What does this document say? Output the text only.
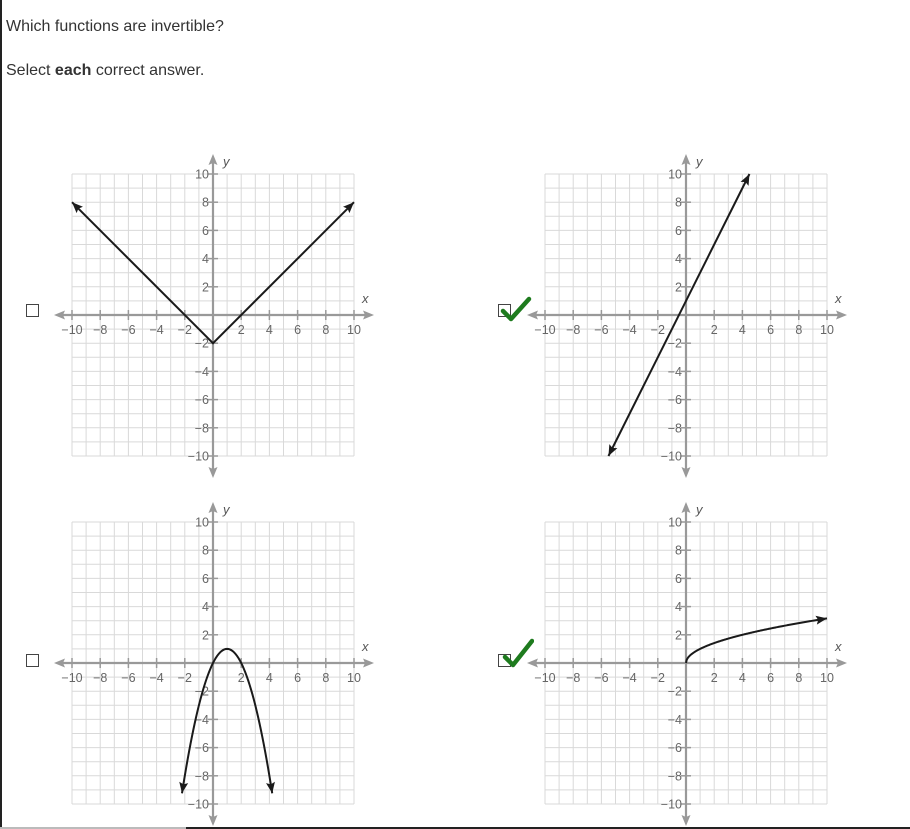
Which functions are invertible?
Select each correct answer.
x
y
−10 −8 −6 −4 −2	2 4 6 8 10
10
8
6
4
2
−2
−4
−6
−8
−10
x
y
−10 −8 −6 −4 −2	2 4 6 8 10
10
8
6
4
2
−2
−4
−6
−8
−10
x
y
−10 −8 −6 −4 −2	2 4 6 8 10
10
8
6
4
2
−2
−4
−6
−8
−10
x
y
−10 −8 −6 −4 −2	2 4 6 8 10
10
8
6
4
2
−2
−4
−6
−8
−10
